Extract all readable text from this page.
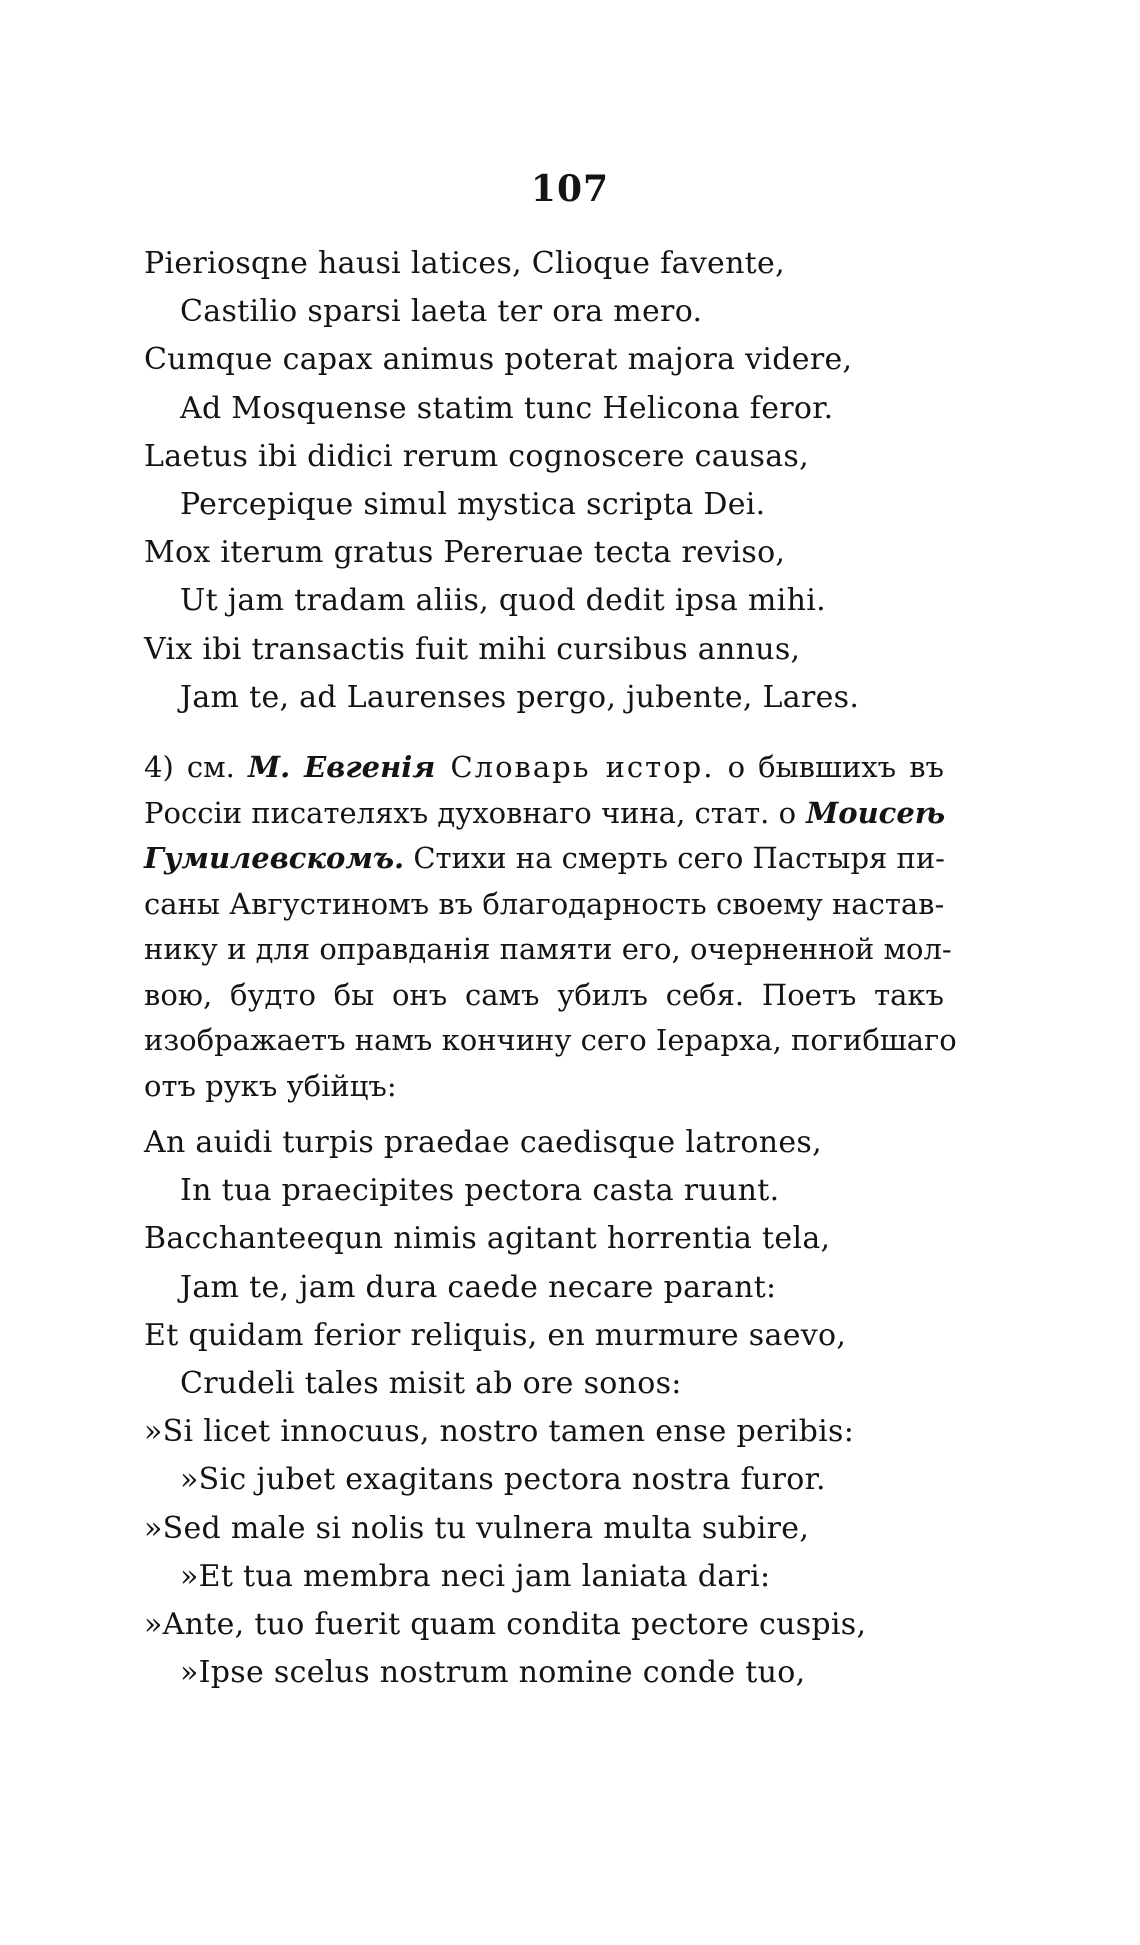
107
Pieriosqne hausi latices, Clioque favente,
Castilio sparsi laeta ter ora mero.
Cumque capax animus poterat majora videre,
Ad Mosquense statim tunc Helicona feror.
Laetus ibi didici rerum cognoscere causas,
Percepique simul mystica scripta Dei.
Mox iterum gratus Pereruae tecta reviso,
Ut jam tradam aliis, quod dedit ipsa mihi.
Vix ibi transactis fuit mihi cursibus annus,
Jam te, ad Laurenses pergo, jubente, Lares.
4) см. М. Евгенія Словарь истор. о бывшихъ въ
Россіи писателяхъ духовнаго чина, стат. о Моисеѣ
Гумилевскомъ. Стихи на смерть сего Пастыря пи-
саны Августиномъ въ благодарность своему настав-
нику и для оправданія памяти его, очерненной мол-
вою, будто бы онъ самъ убилъ себя. Поетъ такъ
изображаетъ намъ кончину сего Іерарха, погибшаго
отъ рукъ убійцъ:
An auidi turpis praedae caedisque latrones,
In tua praecipites pectora casta ruunt.
Bacchanteequn nimis agitant horrentia tela,
Jam te, jam dura caede necare parant:
Et quidam ferior reliquis, en murmure saevo,
Crudeli tales misit ab ore sonos:
»Si licet innocuus, nostro tamen ense peribis:
»Sic jubet exagitans pectora nostra furor.
»Sed male si nolis tu vulnera multa subire,
»Et tua membra neci jam laniata dari:
»Ante, tuo fuerit quam condita pectore cuspis,
»Ipse scelus nostrum nomine conde tuo,
